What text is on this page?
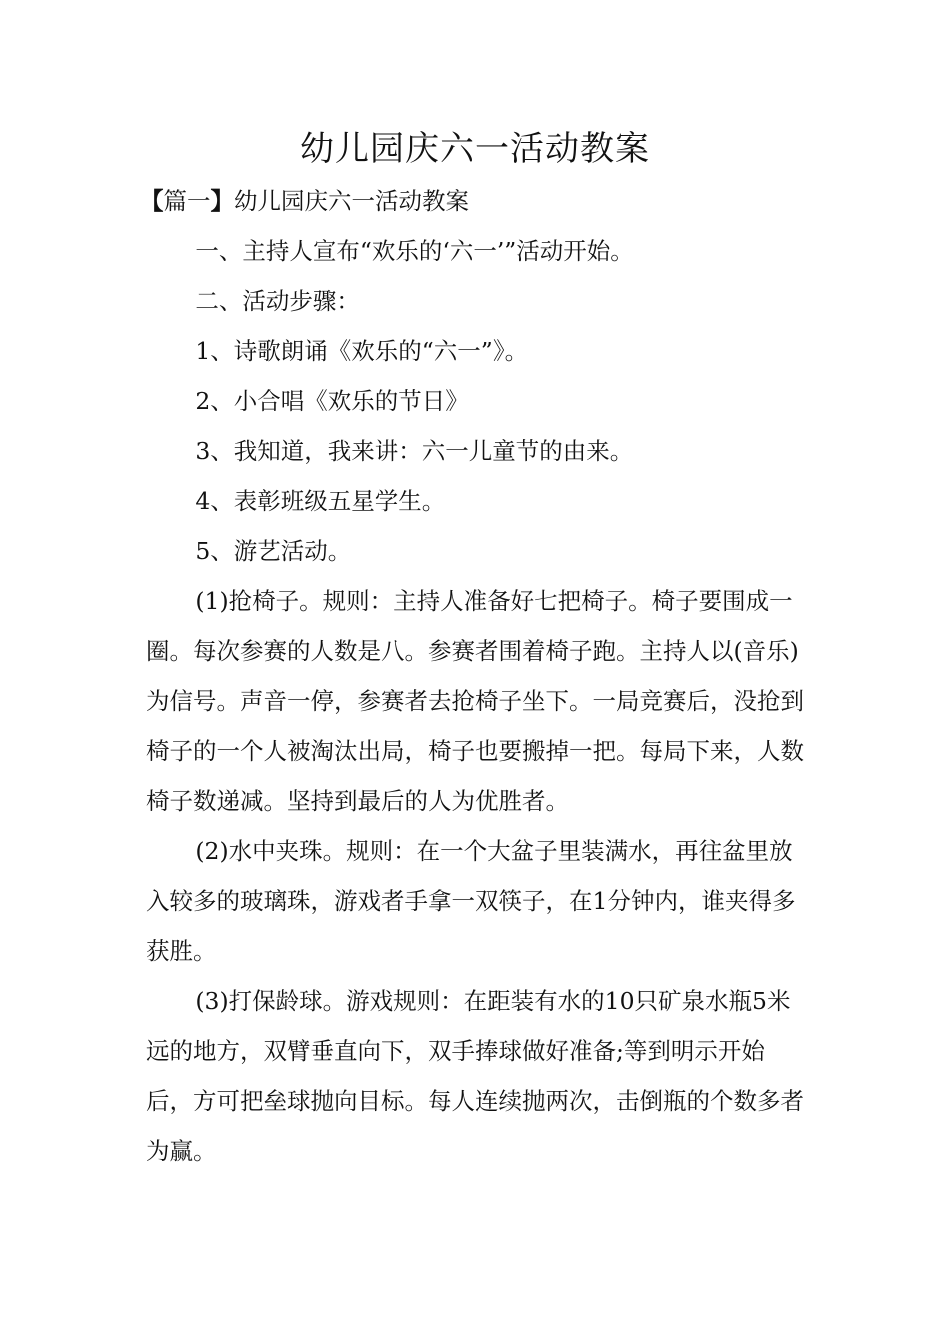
幼儿园庆六一活动教案

【篇一】幼儿园庆六一活动教案

一、主持人宣布“欢乐的‘六一’”活动开始。

二、活动步骤：

1、诗歌朗诵《欢乐的“六一”》。

2、小合唱《欢乐的节日》

3、我知道，我来讲：六一儿童节的由来。

4、表彰班级五星学生。

5、游艺活动。

(1)抢椅子。规则：主持人准备好七把椅子。椅子要围成一圈。每次参赛的人数是八。参赛者围着椅子跑。主持人以(音乐)为信号。声音一停，参赛者去抢椅子坐下。一局竞赛后，没抢到椅子的一个人被淘汰出局，椅子也要搬掉一把。每局下来，人数椅子数递减。坚持到最后的人为优胜者。

(2)水中夹珠。规则：在一个大盆子里装满水，再往盆里放入较多的玻璃珠，游戏者手拿一双筷子，在1分钟内，谁夹得多获胜。

(3)打保龄球。游戏规则：在距装有水的10只矿泉水瓶5米远的地方，双臂垂直向下，双手捧球做好准备;等到明示开始后，方可把垒球抛向目标。每人连续抛两次，击倒瓶的个数多者为赢。
